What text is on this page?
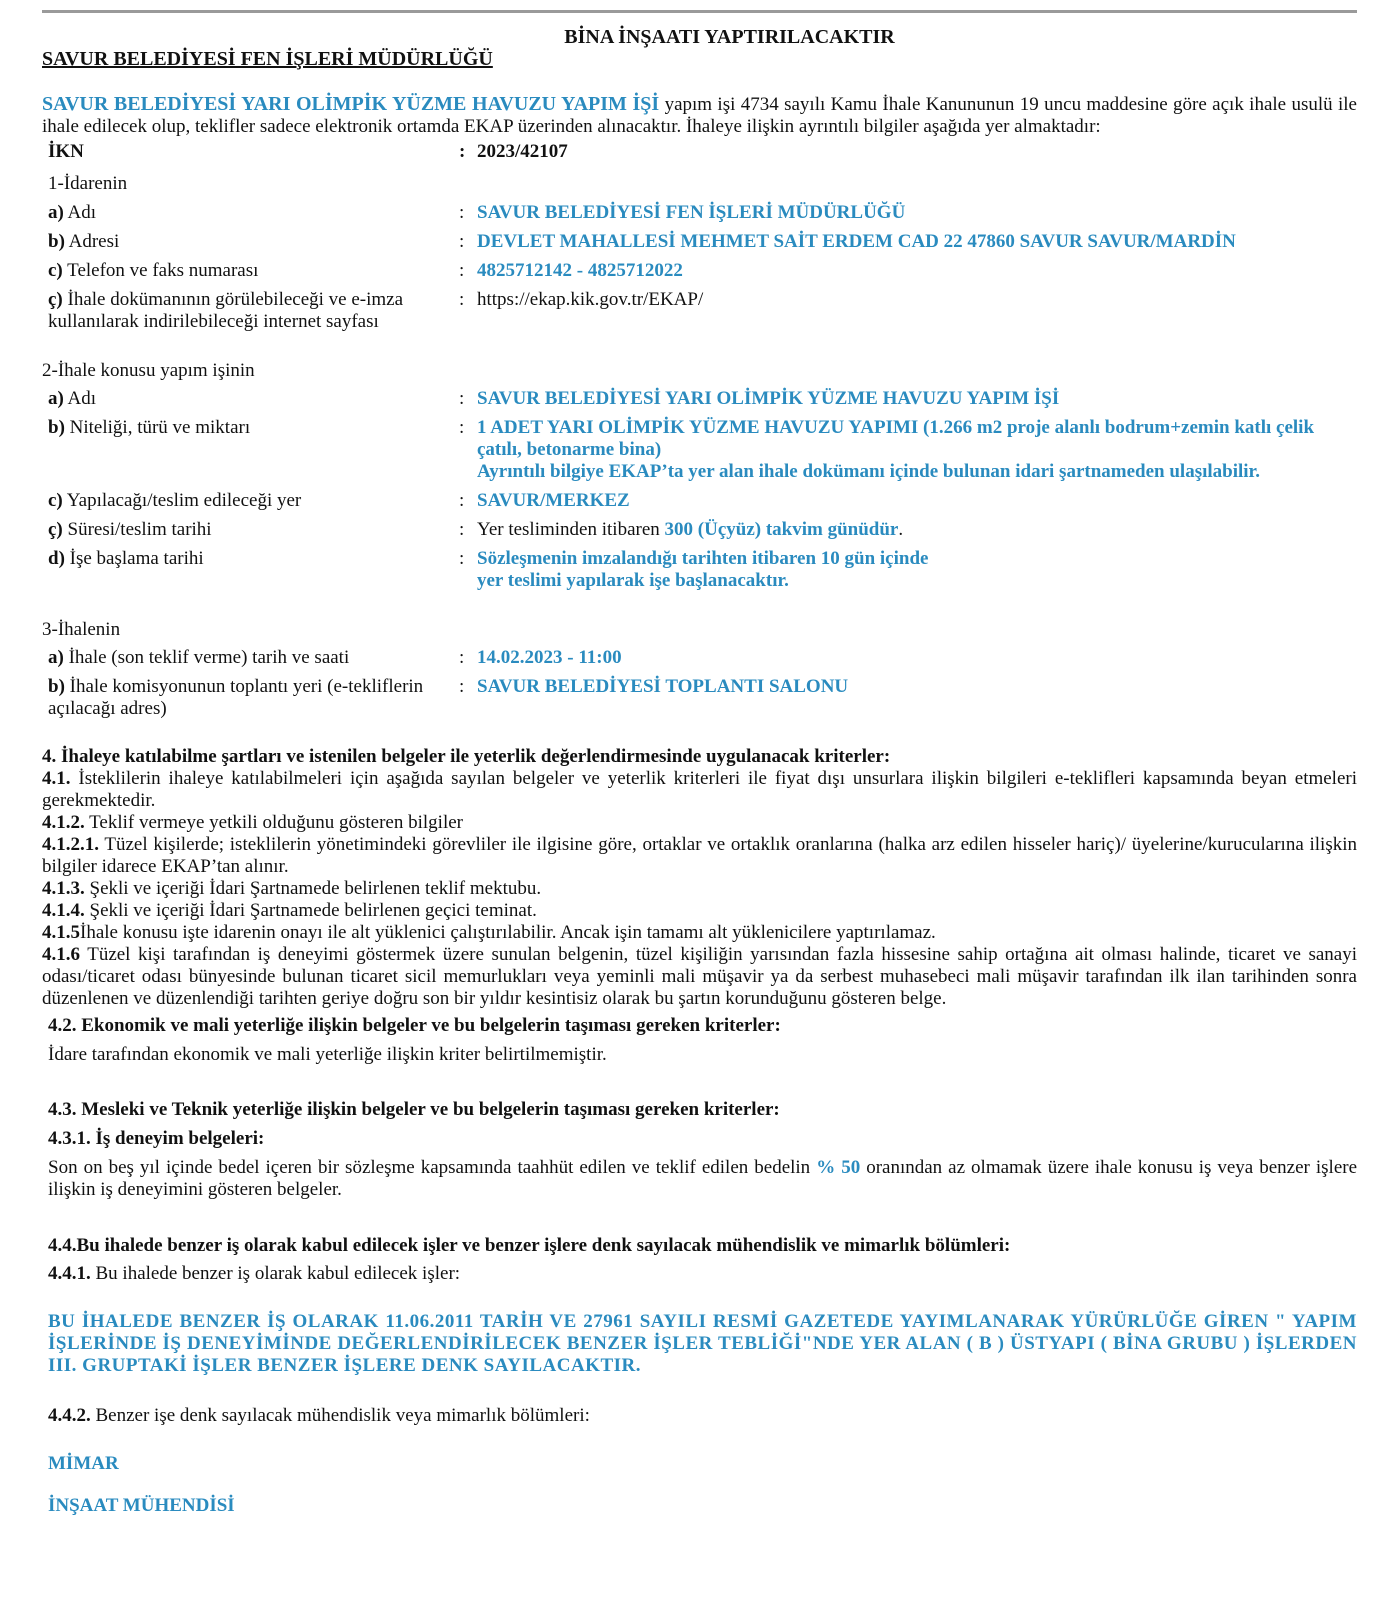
BİNA İNŞAATI YAPTIRILACAKTIR
SAVUR BELEDİYESİ FEN İŞLERİ MÜDÜRLÜĞÜ
SAVUR BELEDİYESİ YARI OLİMPİK YÜZME HAVUZU YAPIM İŞİ yapım işi 4734 sayılı Kamu İhale Kanununun 19 uncu maddesine göre açık ihale usulü ile ihale edilecek olup, teklifler sadece elektronik ortamda EKAP üzerinden alınacaktır. İhaleye ilişkin ayrıntılı bilgiler aşağıda yer almaktadır:
İKN	: 2023/42107
1-İdarenin
a) Adı	: SAVUR BELEDİYESİ FEN İŞLERİ MÜDÜRLÜĞÜ
b) Adresi	: DEVLET MAHALLESİ MEHMET SAİT ERDEM CAD 22 47860 SAVUR SAVUR/MARDİN
c) Telefon ve faks numarası	: 4825712142 - 4825712022
ç) İhale dokümanının görülebileceği ve e-imza kullanılarak indirilebileceği internet sayfası
: https://ekap.kik.gov.tr/EKAP/
2-İhale konusu yapım işinin
a) Adı	: SAVUR BELEDİYESİ YARI OLİMPİK YÜZME HAVUZU YAPIM İŞİ
b) Niteliği, türü ve miktarı	: 1 ADET YARI OLİMPİK YÜZME HAVUZU YAPIMI (1.266 m2 proje alanlı bodrum+zemin katlı çelik çatılı, betonarme bina)
Ayrıntılı bilgiye EKAP’ta yer alan ihale dokümanı içinde bulunan idari şartnameden ulaşılabilir.
c) Yapılacağı/teslim edileceği yer	: SAVUR/MERKEZ
ç) Süresi/teslim tarihi	: Yer tesliminden itibaren 300 (Üçyüz) takvim günüdür.
d) İşe başlama tarihi	: Sözleşmenin imzalandığı tarihten itibaren 10 gün içinde
yer teslimi yapılarak işe başlanacaktır.
3-İhalenin
a) İhale (son teklif verme) tarih ve saati	: 14.02.2023 - 11:00
b) İhale komisyonunun toplantı yeri (e-tekliflerin açılacağı adres)
: SAVUR BELEDİYESİ TOPLANTI SALONU
4. İhaleye katılabilme şartları ve istenilen belgeler ile yeterlik değerlendirmesinde uygulanacak kriterler:
4.1. İsteklilerin ihaleye katılabilmeleri için aşağıda sayılan belgeler ve yeterlik kriterleri ile fiyat dışı unsurlara ilişkin bilgileri e-teklifleri kapsamında beyan etmeleri gerekmektedir.
4.1.2. Teklif vermeye yetkili olduğunu gösteren bilgiler
4.1.2.1. Tüzel kişilerde; isteklilerin yönetimindeki görevliler ile ilgisine göre, ortaklar ve ortaklık oranlarına (halka arz edilen hisseler hariç)/ üyelerine/kurucularına ilişkin bilgiler idarece EKAP’tan alınır.
4.1.3. Şekli ve içeriği İdari Şartnamede belirlenen teklif mektubu.
4.1.4. Şekli ve içeriği İdari Şartnamede belirlenen geçici teminat.
4.1.5İhale konusu işte idarenin onayı ile alt yüklenici çalıştırılabilir. Ancak işin tamamı alt yüklenicilere yaptırılamaz.
4.1.6 Tüzel kişi tarafından iş deneyimi göstermek üzere sunulan belgenin, tüzel kişiliğin yarısından fazla hissesine sahip ortağına ait olması halinde, ticaret ve sanayi odası/ticaret odası bünyesinde bulunan ticaret sicil memurlukları veya yeminli mali müşavir ya da serbest muhasebeci mali müşavir tarafından ilk ilan tarihinden sonra düzenlenen ve düzenlendiği tarihten geriye doğru son bir yıldır kesintisiz olarak bu şartın korunduğunu gösteren belge.
4.2. Ekonomik ve mali yeterliğe ilişkin belgeler ve bu belgelerin taşıması gereken kriterler:
İdare tarafından ekonomik ve mali yeterliğe ilişkin kriter belirtilmemiştir.
4.3. Mesleki ve Teknik yeterliğe ilişkin belgeler ve bu belgelerin taşıması gereken kriterler:
4.3.1. İş deneyim belgeleri:
Son on beş yıl içinde bedel içeren bir sözleşme kapsamında taahhüt edilen ve teklif edilen bedelin % 50 oranından az olmamak üzere ihale konusu iş veya benzer işlere ilişkin iş deneyimini gösteren belgeler.
4.4.Bu ihalede benzer iş olarak kabul edilecek işler ve benzer işlere denk sayılacak mühendislik ve mimarlık bölümleri:
4.4.1. Bu ihalede benzer iş olarak kabul edilecek işler:
BU İHALEDE BENZER İŞ OLARAK 11.06.2011 TARİH VE 27961 SAYILI RESMİ GAZETEDE YAYIMLANARAK YÜRÜRLÜĞE GİREN " YAPIM İŞLERİNDE İŞ DENEYİMİNDE DEĞERLENDİRİLECEK BENZER İŞLER TEBLİĞİ"NDE YER ALAN ( B ) ÜSTYAPI ( BİNA GRUBU ) İŞLERDEN III. GRUPTAKİ İŞLER BENZER İŞLERE DENK SAYILACAKTIR.
4.4.2. Benzer işe denk sayılacak mühendislik veya mimarlık bölümleri:
MİMAR
İNŞAAT MÜHENDİSİ
